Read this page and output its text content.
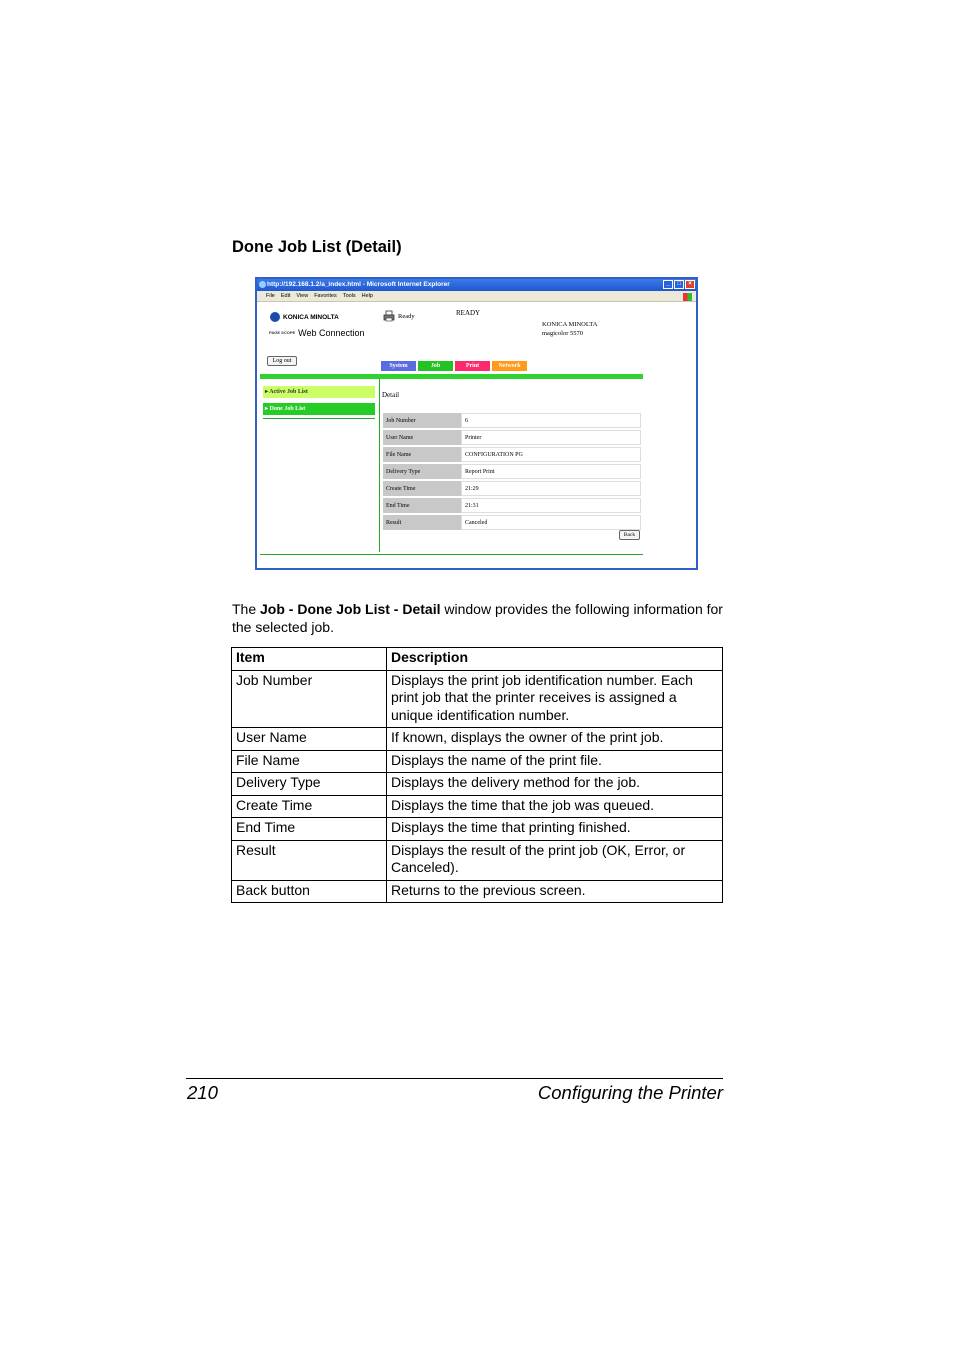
Done Job List (Detail)
http://192.168.1.2/a_index.html - Microsoft Internet Explorer	_	□	×
File Edit View Favorites Tools Help
KONICA MINOLTA
PAGE SCOPE Web Connection
Log out
Ready	READY
KONICA MINOLTA
magicolor 5570
System	Job	Print	Network
▸ Active Job List
▸ Done Job List
Detail
Job Number	6
User Name	Printer
File Name	CONFIGURATION PG
Delivery Type	Report Print
Create Time	21:29
End Time	21:31
Result	Canceled
Back
The Job - Done Job List - Detail window provides the following information for the selected job.
Item	Description
Job Number	Displays the print job identification number. Each print job that the printer receives is assigned a unique identification number.
User Name	If known, displays the owner of the print job.
File Name	Displays the name of the print file.
Delivery Type	Displays the delivery method for the job.
Create Time	Displays the time that the job was queued.
End Time	Displays the time that printing finished.
Result	Displays the result of the print job (OK, Error, or Canceled).
Back button	Returns to the previous screen.
210	Configuring the Printer
